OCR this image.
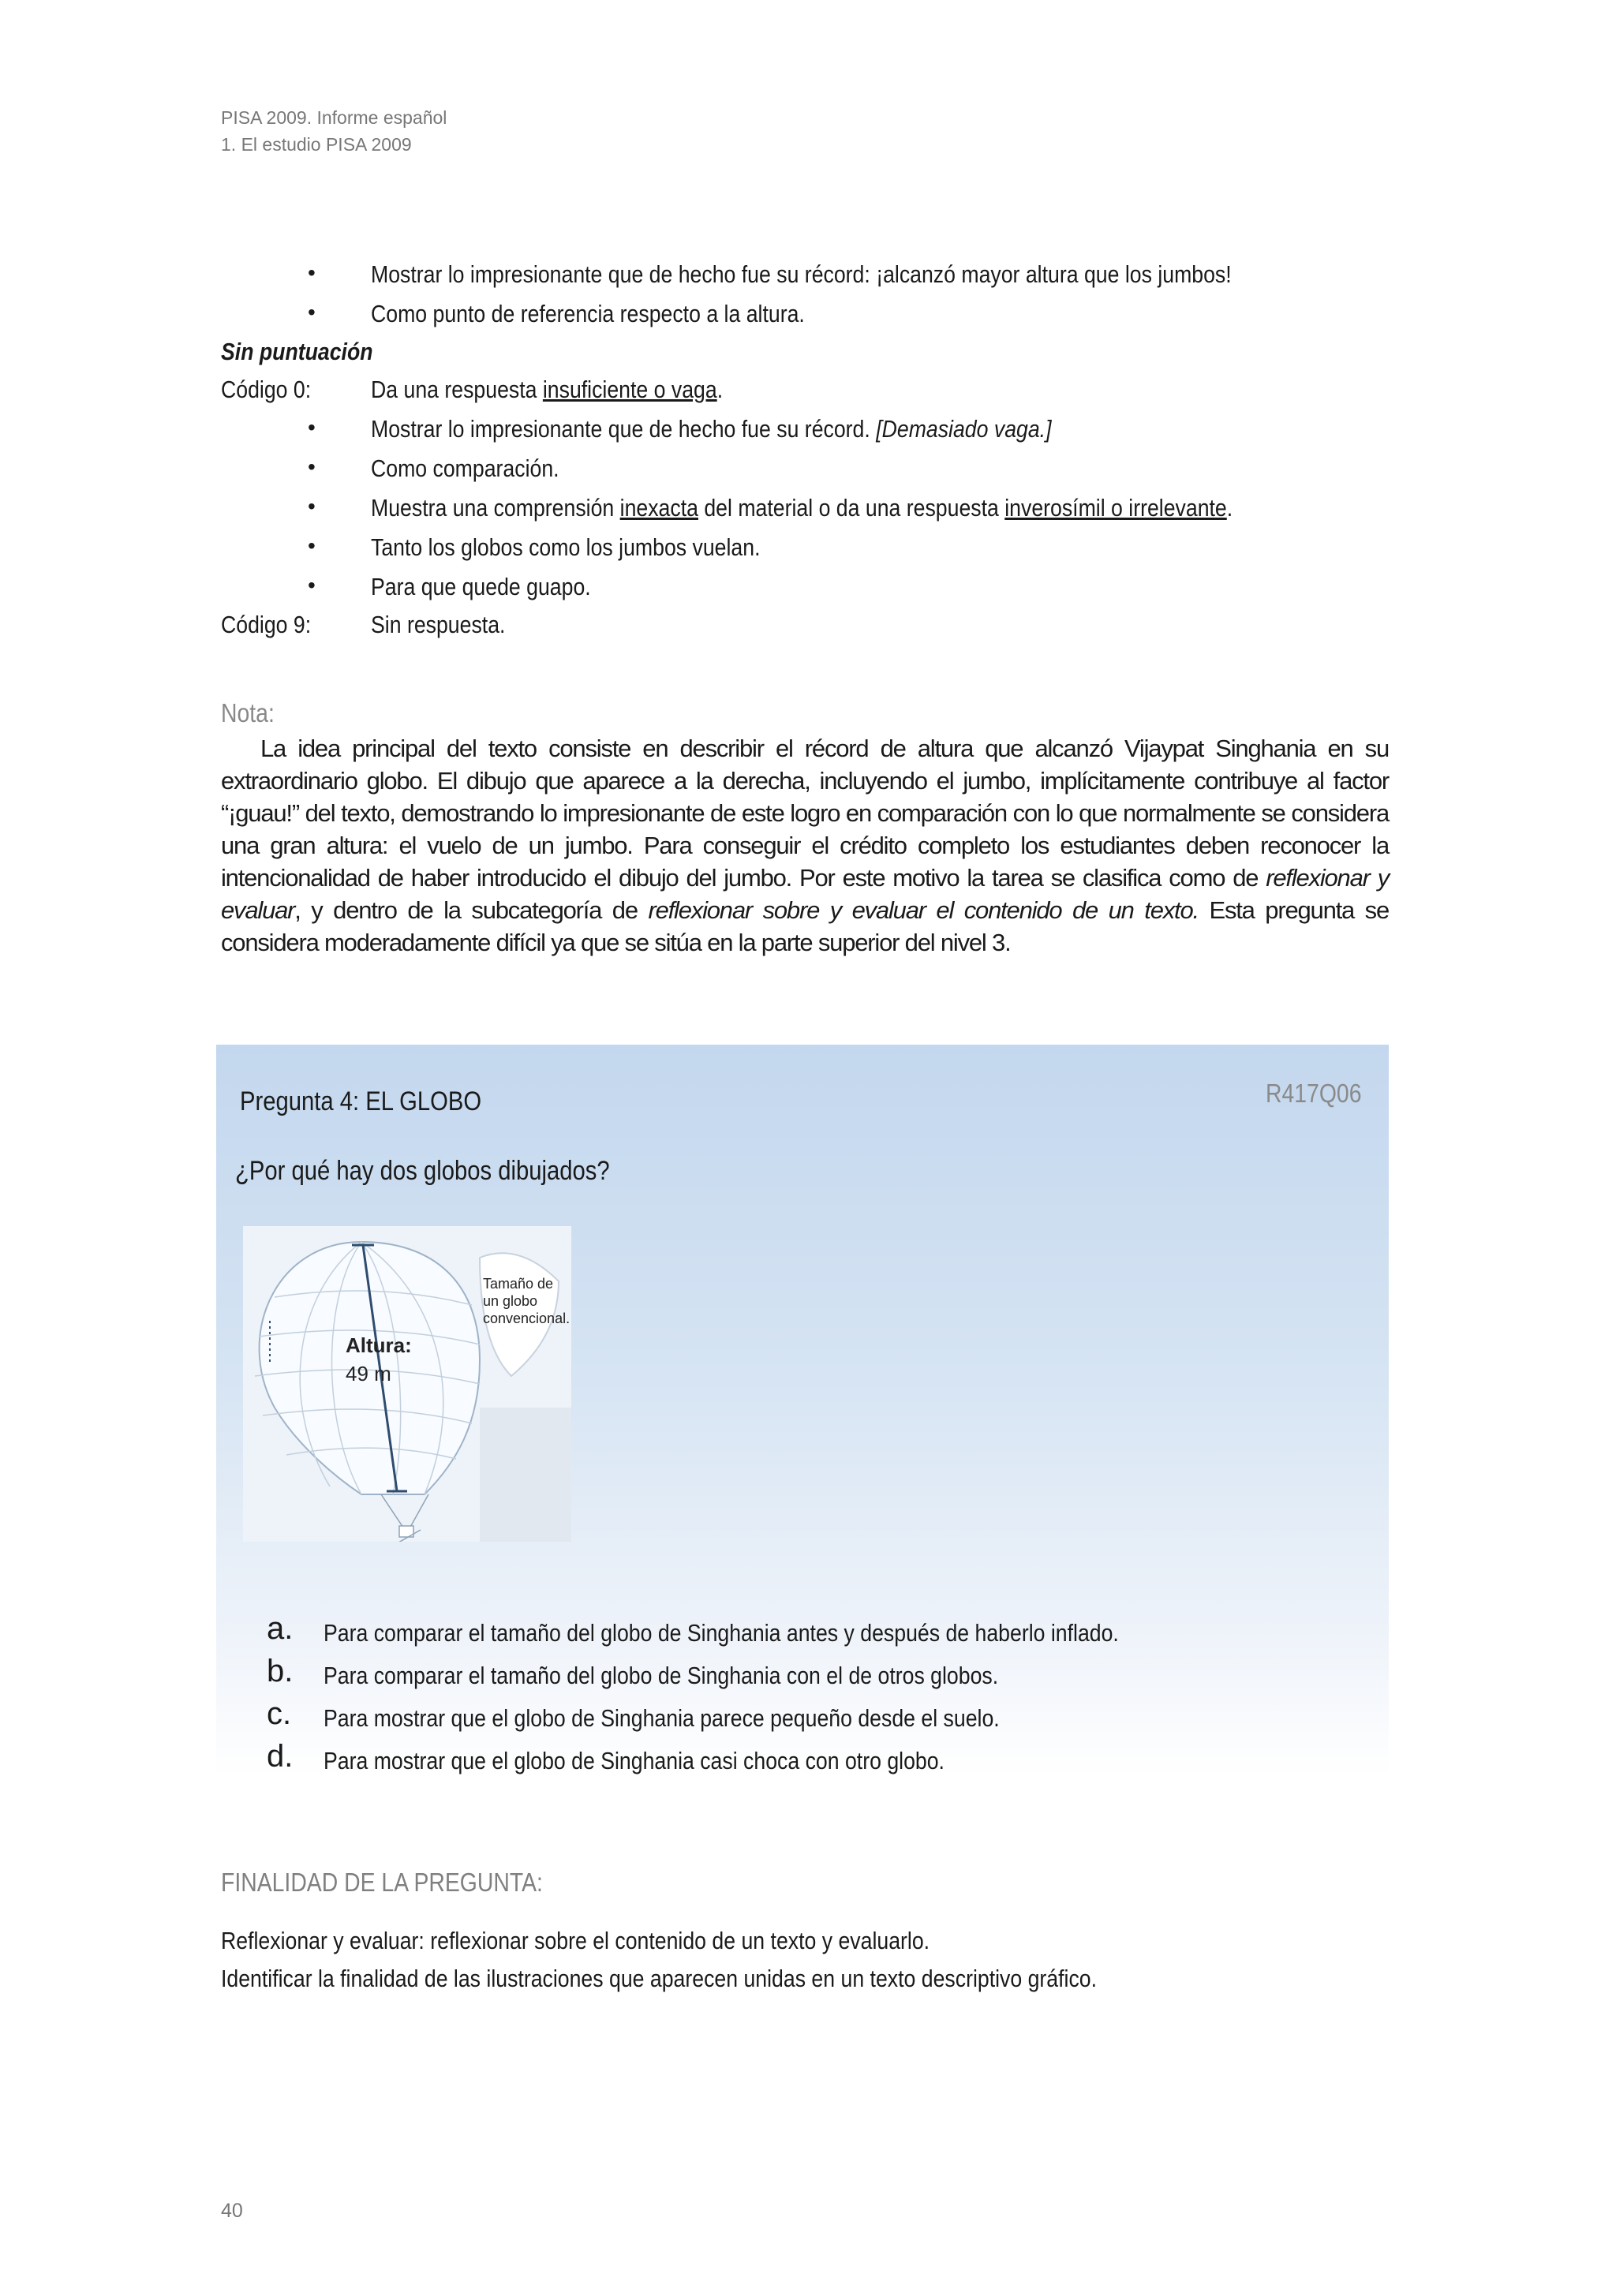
PISA 2009. Informe español
1. El estudio PISA 2009
• Mostrar lo impresionante que de hecho fue su récord: ¡alcanzó mayor altura que los jumbos!
• Como punto de referencia respecto a la altura.
Sin puntuación
Código 0: Da una respuesta insuficiente o vaga.
• Mostrar lo impresionante que de hecho fue su récord. [Demasiado vaga.]
• Como comparación.
• Muestra una comprensión inexacta del material o da una respuesta inverosímil o irrelevante.
• Tanto los globos como los jumbos vuelan.
• Para que quede guapo.
Código 9: Sin respuesta.
Nota:

La idea principal del texto consiste en describir el récord de altura que alcanzó Vijaypat Singhania en su extraordinario globo. El dibujo que aparece a la derecha, incluyendo el jumbo, implícitamente contribuye al factor “¡guau!” del texto, demostrando lo impresionante de este logro en comparación con lo que normalmente se considera una gran altura: el vuelo de un jumbo. Para conseguir el crédito completo los estudiantes deben reconocer la intencionalidad de haber introducido el dibujo del jumbo. Por este motivo la tarea se clasifica como de reflexionar y evaluar, y dentro de la subcategoría de reflexionar sobre y evaluar el contenido de un texto. Esta pregunta se considera moderadamente difícil ya que se sitúa en la parte superior del nivel 3.

Pregunta 4: EL GLOBO	R417Q06
¿Por qué hay dos globos dibujados?
Tamaño de
un globo
convencional.
Altura:
49 m
a. Para comparar el tamaño del globo de Singhania antes y después de haberlo inflado.
b. Para comparar el tamaño del globo de Singhania con el de otros globos.
c. Para mostrar que el globo de Singhania parece pequeño desde el suelo.
d. Para mostrar que el globo de Singhania casi choca con otro globo.
FINALIDAD DE LA PREGUNTA:
Reflexionar y evaluar: reflexionar sobre el contenido de un texto y evaluarlo.
Identificar la finalidad de las ilustraciones que aparecen unidas en un texto descriptivo gráfico.
40
